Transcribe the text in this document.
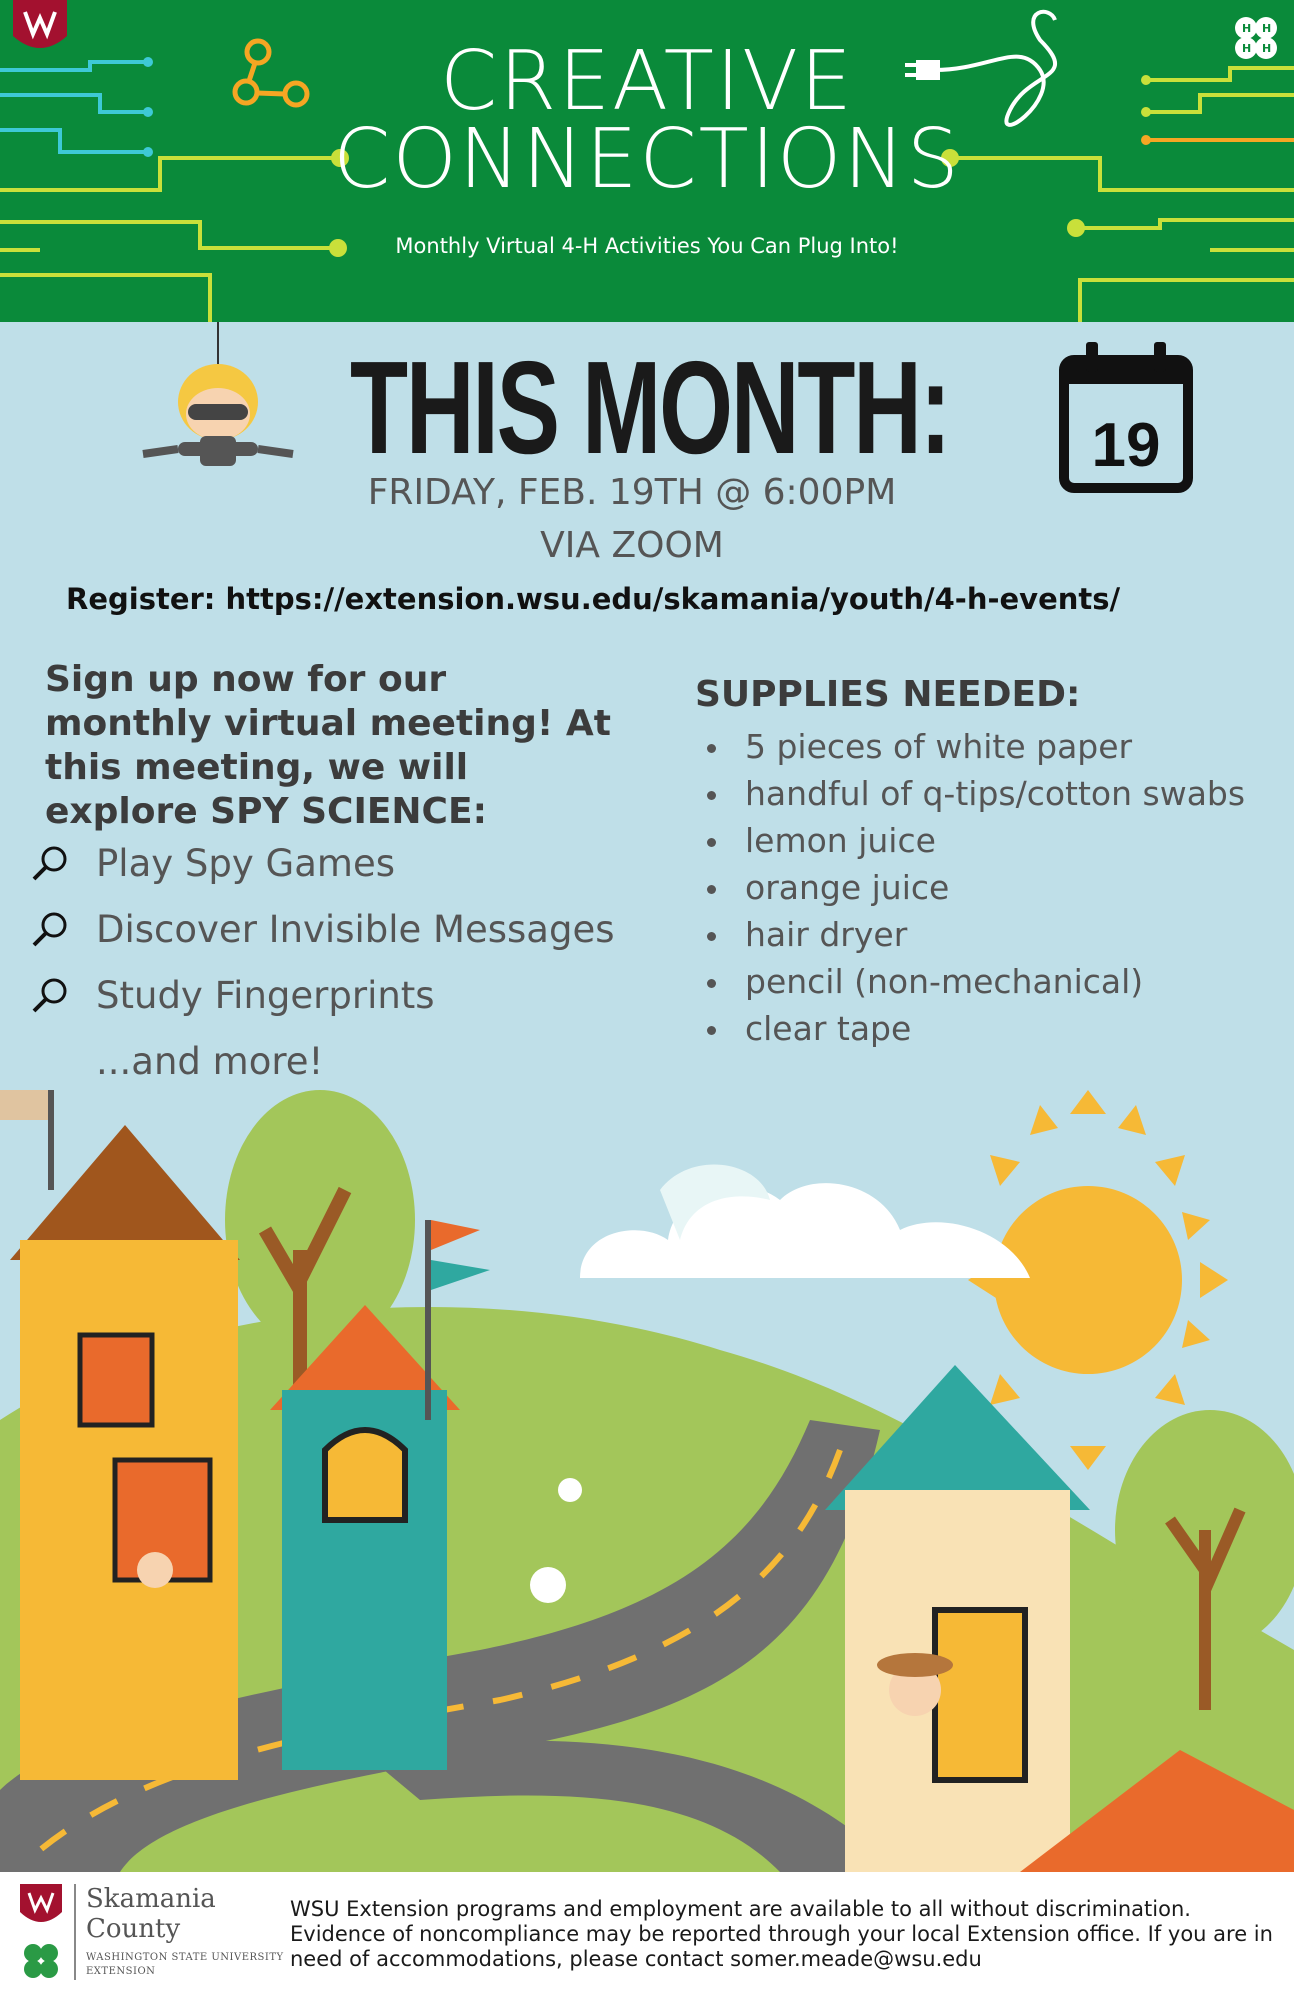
H H
H H
CREATIVE
CONNECTIONS
Monthly Virtual 4-H Activities You Can Plug Into!
19
THIS MONTH:
FRIDAY, FEB. 19TH @ 6:00PM
VIA ZOOM
Register: https://extension.wsu.edu/skamania/youth/4-h-events/
Sign up now for our monthly virtual meeting! At this meeting, we will explore SPY SCIENCE:
Play Spy Games
Discover Invisible Messages
Study Fingerprints
...and more!
SUPPLIES NEEDED:
5 pieces of white paper
handful of q-tips/cotton swabs
lemon juice
orange juice
hair dryer
pencil (non-mechanical)
clear tape
Skamania
County
WASHINGTON STATE UNIVERSITY
EXTENSION
WSU Extension programs and employment are available to all without discrimination. Evidence of noncompliance may be reported through your local Extension office. If you are in need of accommodations, please contact somer.meade@wsu.edu
